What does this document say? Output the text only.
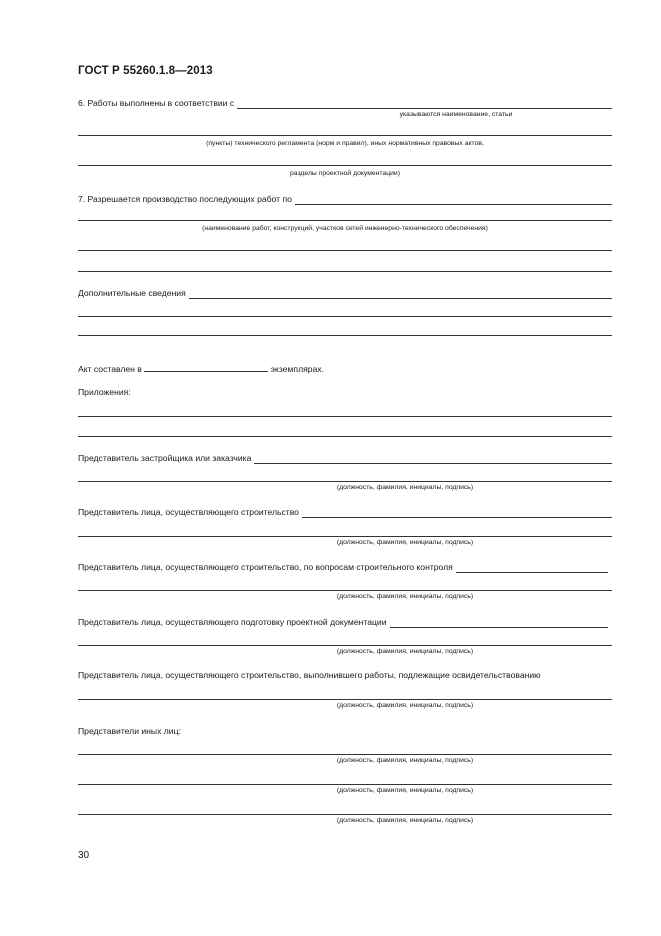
ГОСТ Р 55260.1.8—2013
6. Работы выполнены в соответствии с
указываются наименование, статьи
(пункты) технического регламента (норм и правил), иных нормативных правовых актов,
разделы проектной документации)
7. Разрешается производство последующих работ по
(наименование работ, конструкций, участков сетей инженерно-технического обеспечения)
Дополнительные сведения
Акт составлен в	экземплярах.
Приложения:
Представитель застройщика или заказчика
(должность, фамилия, инициалы, подпись)
Представитель лица, осуществляющего строительство
(должность, фамилия, инициалы, подпись)
Представитель лица, осуществляющего строительство, по вопросам строительного контроля
(должность, фамилия, инициалы, подпись)
Представитель лица, осуществляющего подготовку проектной документации
(должность, фамилия, инициалы, подпись)
Представитель лица, осуществляющего строительство, выполнившего работы, подлежащие освидетельствованию
(должность, фамилия, инициалы, подпись)
Представители иных лиц:
(должность, фамилия, инициалы, подпись)
(должность, фамилия, инициалы, подпись)
(должность, фамилия, инициалы, подпись)
30
